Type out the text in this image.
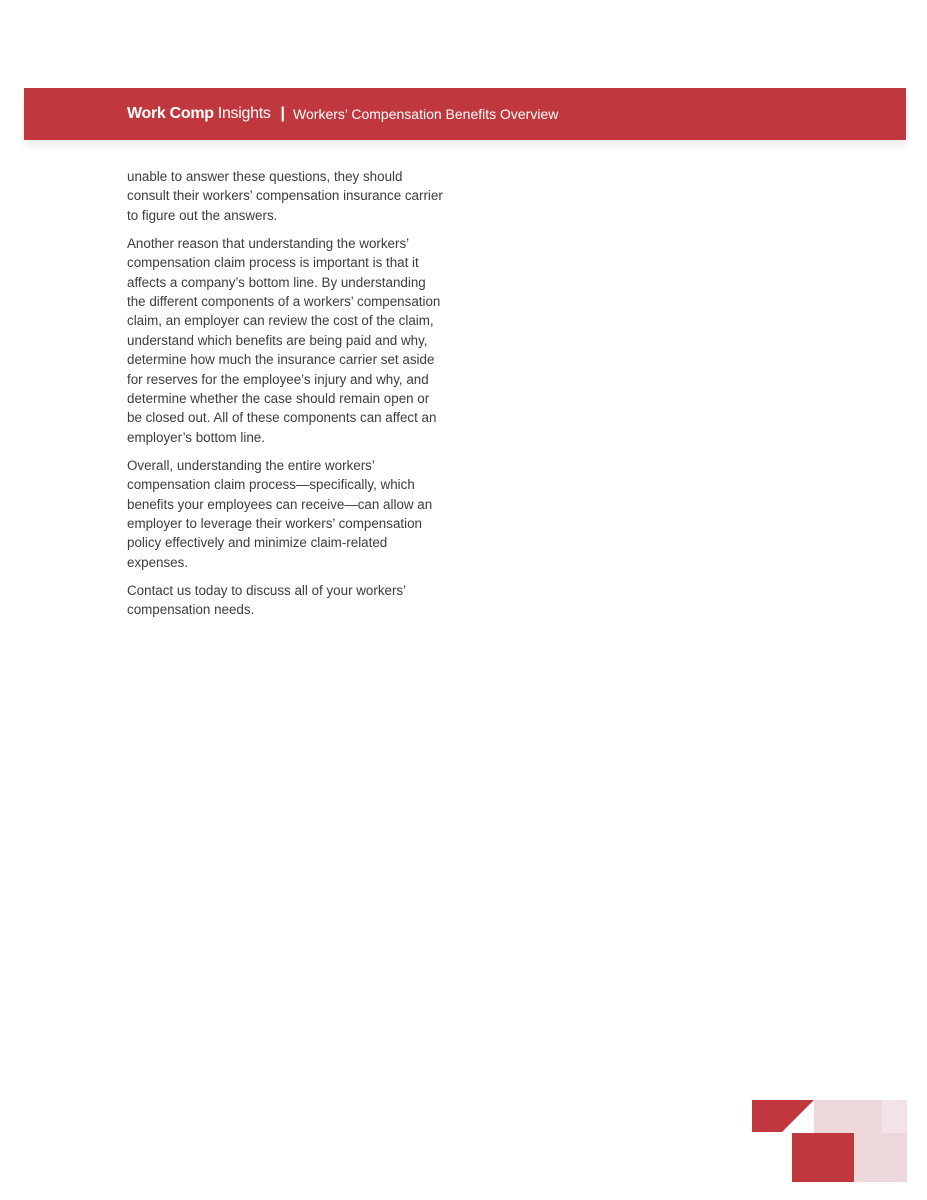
Work Comp Insights | Workers’ Compensation Benefits Overview

unable to answer these questions, they should consult their workers’ compensation insurance carrier to figure out the answers.

Another reason that understanding the workers’ compensation claim process is important is that it affects a company’s bottom line. By understanding the different components of a workers’ compensation claim, an employer can review the cost of the claim, understand which benefits are being paid and why, determine how much the insurance carrier set aside for reserves for the employee’s injury and why, and determine whether the case should remain open or be closed out. All of these components can affect an employer’s bottom line.

Overall, understanding the entire workers’ compensation claim process—specifically, which benefits your employees can receive—can allow an employer to leverage their workers’ compensation policy effectively and minimize claim-related expenses.

Contact us today to discuss all of your workers’ compensation needs.
